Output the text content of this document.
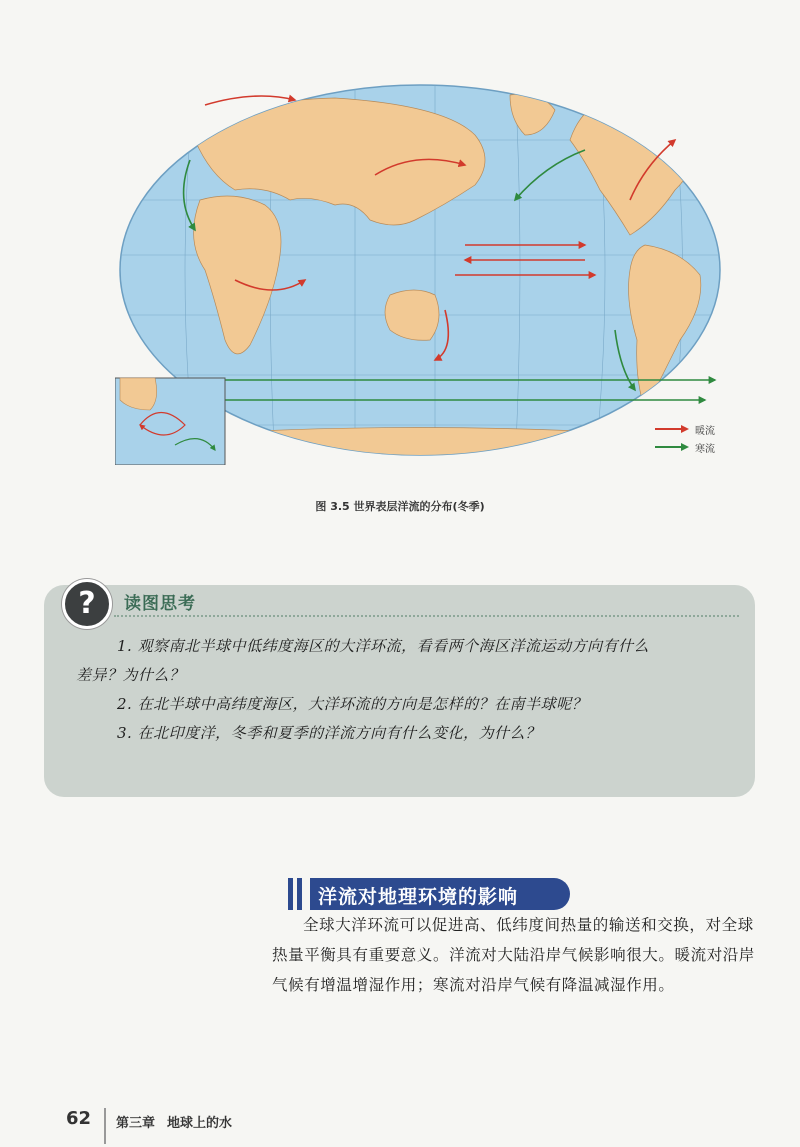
暖流
寒流
图 3.5 世界表层洋流的分布(冬季)
?	读图思考
1. 观察南北半球中低纬度海区的大洋环流，看看两个海区洋流运动方向有什么
差异？为什么？
2. 在北半球中高纬度海区，大洋环流的方向是怎样的？在南半球呢？
3. 在北印度洋，冬季和夏季的洋流方向有什么变化，为什么？
洋流对地理环境的影响
全球大洋环流可以促进高、低纬度间热量的输送和交换，对全球热量平衡具有重要意义。洋流对大陆沿岸气候影响很大。暖流对沿岸气候有增温增湿作用；寒流对沿岸气候有降温减湿作用。
62 第三章 地球上的水
